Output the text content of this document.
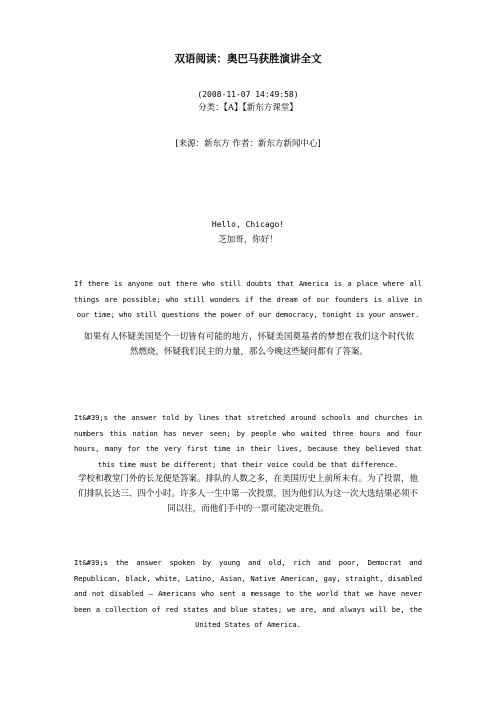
双语阅读：奥巴马获胜演讲全文
(2008-11-07 14:49:58)
分类：【A】【新东方课堂】
[来源：新东方 作者：新东方新闻中心]
Hello, Chicago!
芝加哥，你好！
If there is anyone out there who still doubts that America is a place where all things are possible; who still wonders if the dream of our founders is alive in our time; who still questions the power of our democracy, tonight is your answer.
如果有人怀疑美国是个一切皆有可能的地方，怀疑美国奠基者的梦想在我们这个时代依然燃烧，怀疑我们民主的力量，那么今晚这些疑问都有了答案。
It&#39;s the answer told by lines that stretched around schools and churches in numbers this nation has never seen; by people who waited three hours and four hours, many for the very first time in their lives, because they believed that this time must be different; that their voice could be that difference.
学校和教堂门外的长龙便是答案。排队的人数之多，在美国历史上前所未有。为了投票，他们排队长达三、四个小时。许多人一生中第一次投票，因为他们认为这一次大选结果必须不同以往，而他们手中的一票可能决定胜负。
It&#39;s the answer spoken by young and old, rich and poor, Democrat and Republican, black, white, Latino, Asian, Native American, gay, straight, disabled and not disabled — Americans who sent a message to the world that we have never been a collection of red states and blue states; we are, and always will be, the United States of America.
